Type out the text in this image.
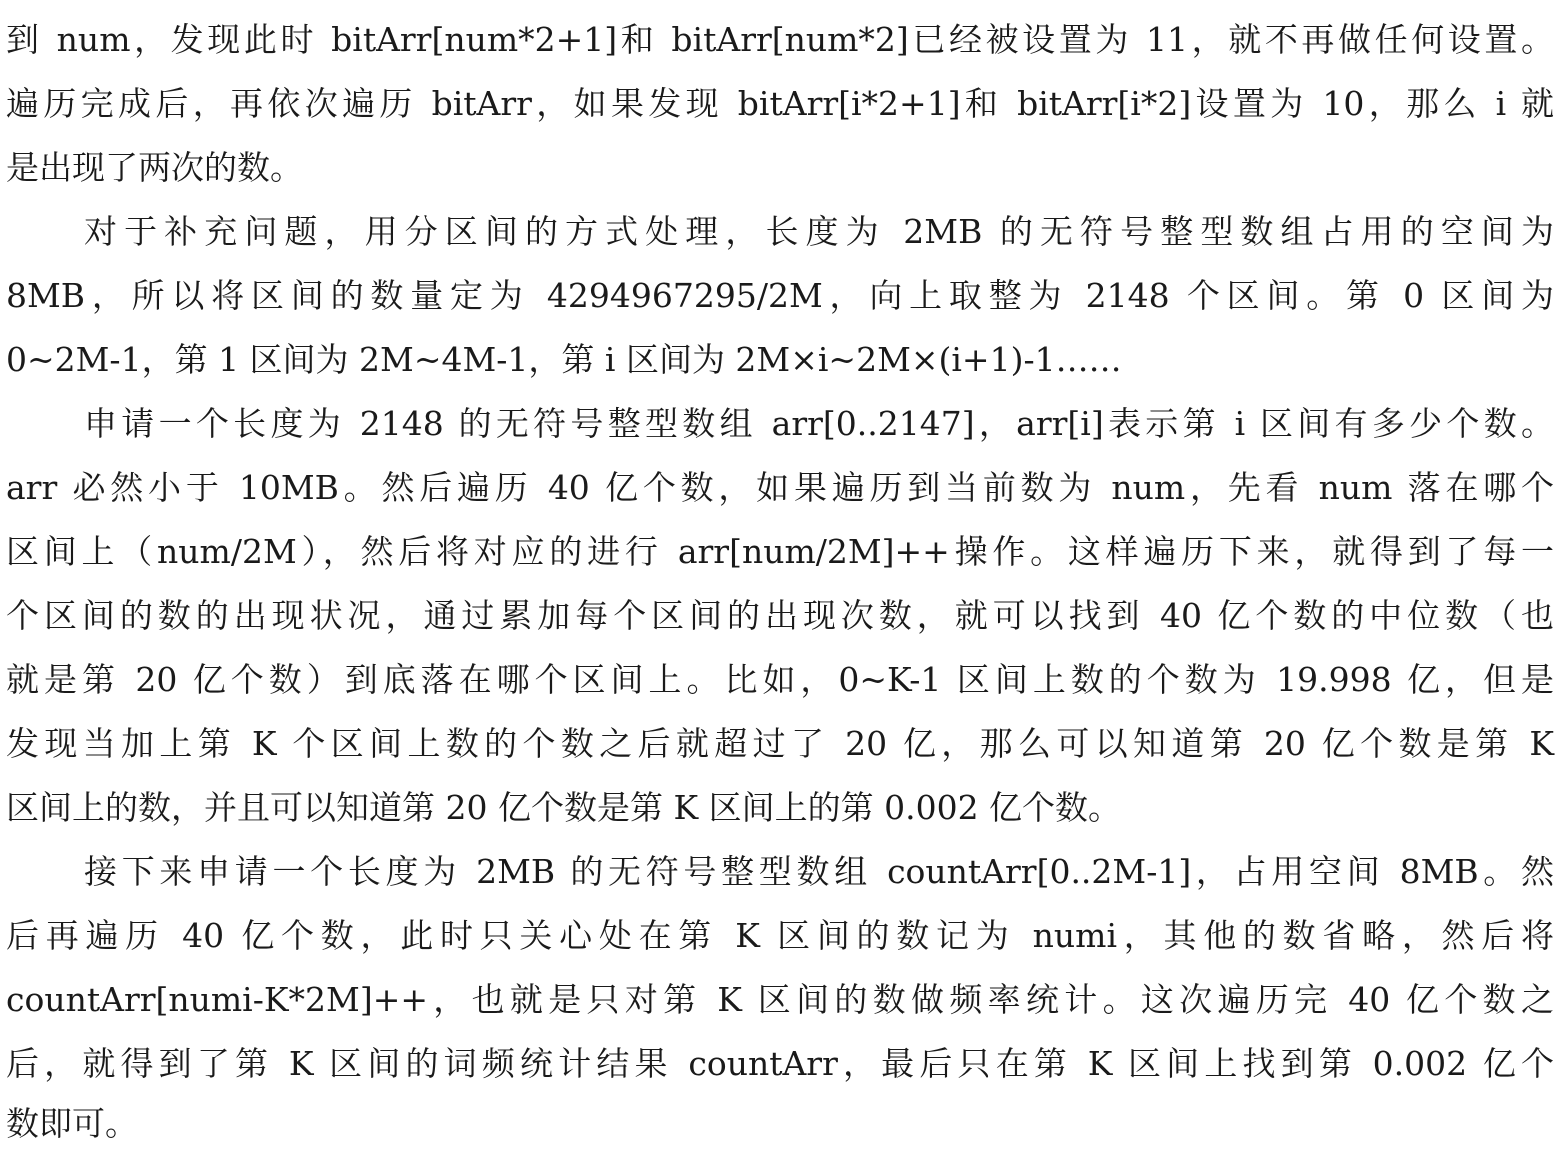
到 num，发现此时 bitArr[num*2+1]和 bitArr[num*2]已经被设置为 11，就不再做任何设置。
遍历完成后，再依次遍历 bitArr，如果发现 bitArr[i*2+1]和 bitArr[i*2]设置为 10，那么 i 就
是出现了两次的数。
对于补充问题，用分区间的方式处理，长度为 2MB 的无符号整型数组占用的空间为
8MB，所以将区间的数量定为 4294967295/2M，向上取整为 2148 个区间。第 0 区间为
0~2M-1，第 1 区间为 2M~4M-1，第 i 区间为 2M×i~2M×(i+1)-1……
申请一个长度为 2148 的无符号整型数组 arr[0..2147]，arr[i]表示第 i 区间有多少个数。
arr 必然小于 10MB。然后遍历 40 亿个数，如果遍历到当前数为 num，先看 num 落在哪个
区间上（num/2M），然后将对应的进行 arr[num/2M]++操作。这样遍历下来，就得到了每一
个区间的数的出现状况，通过累加每个区间的出现次数，就可以找到 40 亿个数的中位数（也
就是第 20 亿个数）到底落在哪个区间上。比如，0~K-1 区间上数的个数为 19.998 亿，但是
发现当加上第 K 个区间上数的个数之后就超过了 20 亿，那么可以知道第 20 亿个数是第 K
区间上的数，并且可以知道第 20 亿个数是第 K 区间上的第 0.002 亿个数。
接下来申请一个长度为 2MB 的无符号整型数组 countArr[0..2M-1]，占用空间 8MB。然
后再遍历 40 亿个数，此时只关心处在第 K 区间的数记为 numi，其他的数省略，然后将
countArr[numi-K*2M]++，也就是只对第 K 区间的数做频率统计。这次遍历完 40 亿个数之
后，就得到了第 K 区间的词频统计结果 countArr，最后只在第 K 区间上找到第 0.002 亿个
数即可。
